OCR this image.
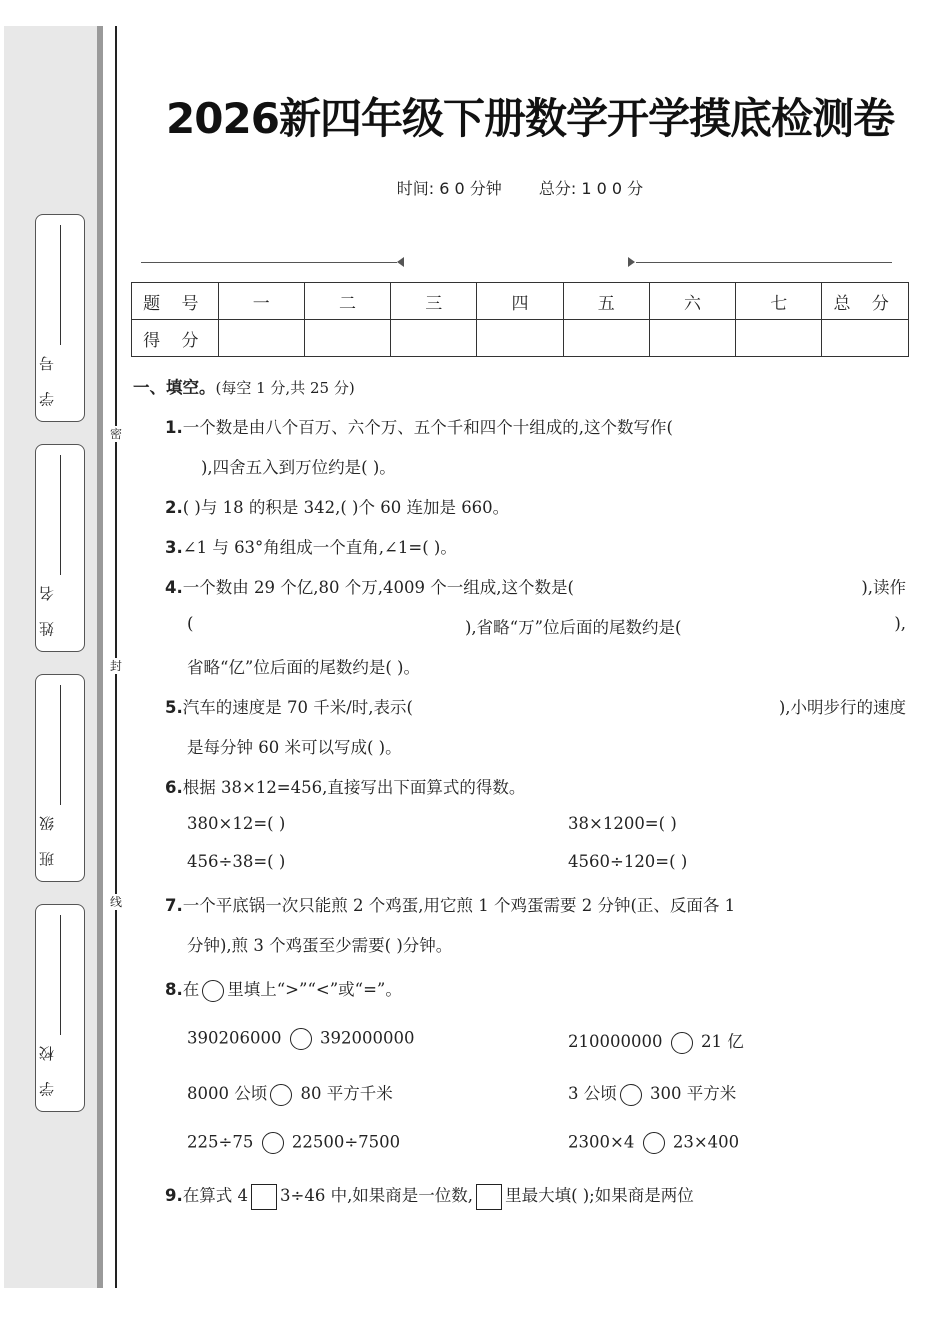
密
封
线
学 号
姓 名
班 级
学 校
2026新四年级下册数学开学摸底检测卷
时间: 6 0 分钟 总分: 1 0 0 分
题 号	一	二	三	四	五	六	七	总 分
得 分								
一、填空。(每空 1 分,共 25 分)
1.一个数是由八个百万、六个万、五个千和四个十组成的,这个数写作(
),四舍五入到万位约是( )。
2.( )与 18 的积是 342,( )个 60 连加是 660。
3.∠1 与 63°角组成一个直角,∠1=( )。
4.一个数由 29 个亿,80 个万,4009 个一组成,这个数是(	),读作
(	),省略“万”位后面的尾数约是(	),
省略“亿”位后面的尾数约是( )。
5.汽车的速度是 70 千米/时,表示(	),小明步行的速度
是每分钟 60 米可以写成( )。
6.根据 38×12=456,直接写出下面算式的得数。
380×12=( )	38×1200=( )
456÷38=( )	4560÷120=( )
7.一个平底锅一次只能煎 2 个鸡蛋,用它煎 1 个鸡蛋需要 2 分钟(正、反面各 1
分钟),煎 3 个鸡蛋至少需要( )分钟。
8.在 里填上“>”“<”或“=”。
390206000 392000000	210000000 21 亿
8000 公顷 80 平方千米	3 公顷 300 平方米
225÷75 22500÷7500	2300×4 23×400
9.在算式 4 3÷46 中,如果商是一位数, 里最大填( );如果商是两位
